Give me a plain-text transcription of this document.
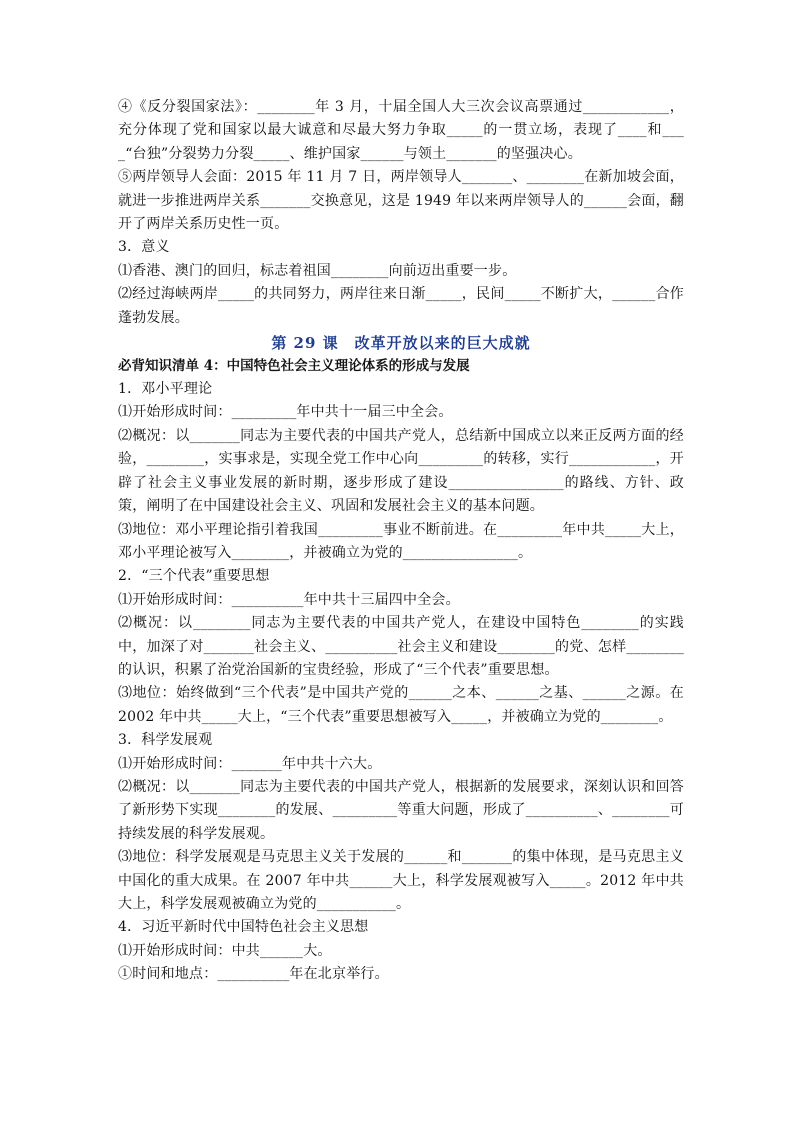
④《反分裂国家法》：________年 3 月，十届全国人大三次会议高票通过____________，充分体现了党和国家以最大诚意和尽最大努力争取_____的一贯立场，表现了____和____“台独”分裂势力分裂_____、维护国家______与领土_______的坚强决心。

⑤两岸领导人会面：2015 年 11 月 7 日，两岸领导人_______、________在新加坡会面，就进一步推进两岸关系_______交换意见，这是 1949 年以来两岸领导人的______会面，翻开了两岸关系历史性一页。

3．意义

⑴香港、澳门的回归，标志着祖国________向前迈出重要一步。

⑵经过海峡两岸_____的共同努力，两岸往来日渐_____，民间_____不断扩大，______合作蓬勃发展。

第 29 课　改革开放以来的巨大成就

必背知识清单 4：中国特色社会主义理论体系的形成与发展

1．邓小平理论

⑴开始形成时间：_________年中共十一届三中全会。

⑵概况：以_______同志为主要代表的中国共产党人，总结新中国成立以来正反两方面的经验，________，实事求是，实现全党工作中心向_________的转移，实行____________，开辟了社会主义事业发展的新时期，逐步形成了建设________________的路线、方针、政策，阐明了在中国建设社会主义、巩固和发展社会主义的基本问题。

⑶地位：邓小平理论指引着我国_________事业不断前进。在_________年中共_____大上，邓小平理论被写入________，并被确立为党的________________。

2．“三个代表”重要思想

⑴开始形成时间：__________年中共十三届四中全会。

⑵概况：以________同志为主要代表的中国共产党人，在建设中国特色________的实践中，加深了对_______社会主义、__________社会主义和建设________的党、怎样________的认识，积累了治党治国新的宝贵经验，形成了“三个代表”重要思想。

⑶地位：始终做到“三个代表”是中国共产党的______之本、______之基、______之源。在 2002 年中共_____大上，“三个代表”重要思想被写入_____，并被确立为党的________。

3．科学发展观

⑴开始形成时间：_______年中共十六大。

⑵概况：以_______同志为主要代表的中国共产党人，根据新的发展要求，深刻认识和回答了新形势下实现________的发展、_________等重大问题，形成了__________、________可持续发展的科学发展观。

⑶地位：科学发展观是马克思主义关于发展的______和_______的集中体现，是马克思主义中国化的重大成果。在 2007 年中共______大上，科学发展观被写入_____。2012 年中共大上，科学发展观被确立为党的___________。

4．习近平新时代中国特色社会主义思想

⑴开始形成时间：中共______大。

①时间和地点：__________年在北京举行。
